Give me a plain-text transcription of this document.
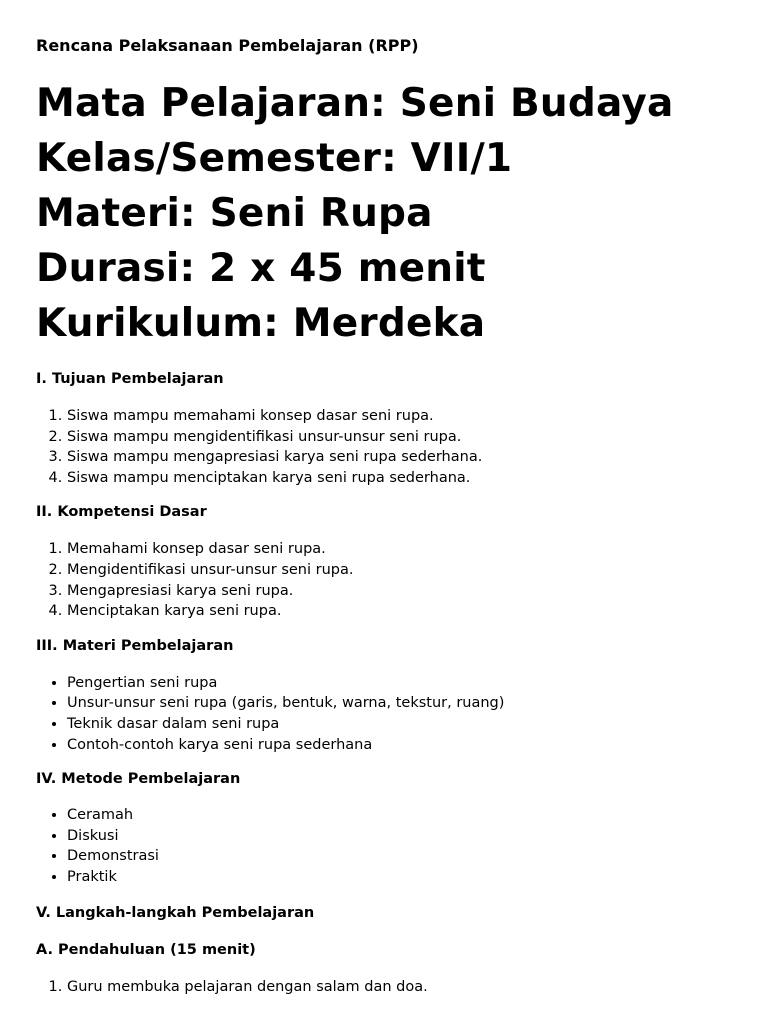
Rencana Pelaksanaan Pembelajaran (RPP)
Mata Pelajaran: Seni Budaya
Kelas/Semester: VII/1
Materi: Seni Rupa
Durasi: 2 x 45 menit
Kurikulum: Merdeka
I. Tujuan Pembelajaran
1. Siswa mampu memahami konsep dasar seni rupa.
2. Siswa mampu mengidentifikasi unsur-unsur seni rupa.
3. Siswa mampu mengapresiasi karya seni rupa sederhana.
4. Siswa mampu menciptakan karya seni rupa sederhana.
II. Kompetensi Dasar
1. Memahami konsep dasar seni rupa.
2. Mengidentifikasi unsur-unsur seni rupa.
3. Mengapresiasi karya seni rupa.
4. Menciptakan karya seni rupa.
III. Materi Pembelajaran
• Pengertian seni rupa
• Unsur-unsur seni rupa (garis, bentuk, warna, tekstur, ruang)
• Teknik dasar dalam seni rupa
• Contoh-contoh karya seni rupa sederhana
IV. Metode Pembelajaran
• Ceramah
• Diskusi
• Demonstrasi
• Praktik
V. Langkah-langkah Pembelajaran
A. Pendahuluan (15 menit)
1. Guru membuka pelajaran dengan salam dan doa.
